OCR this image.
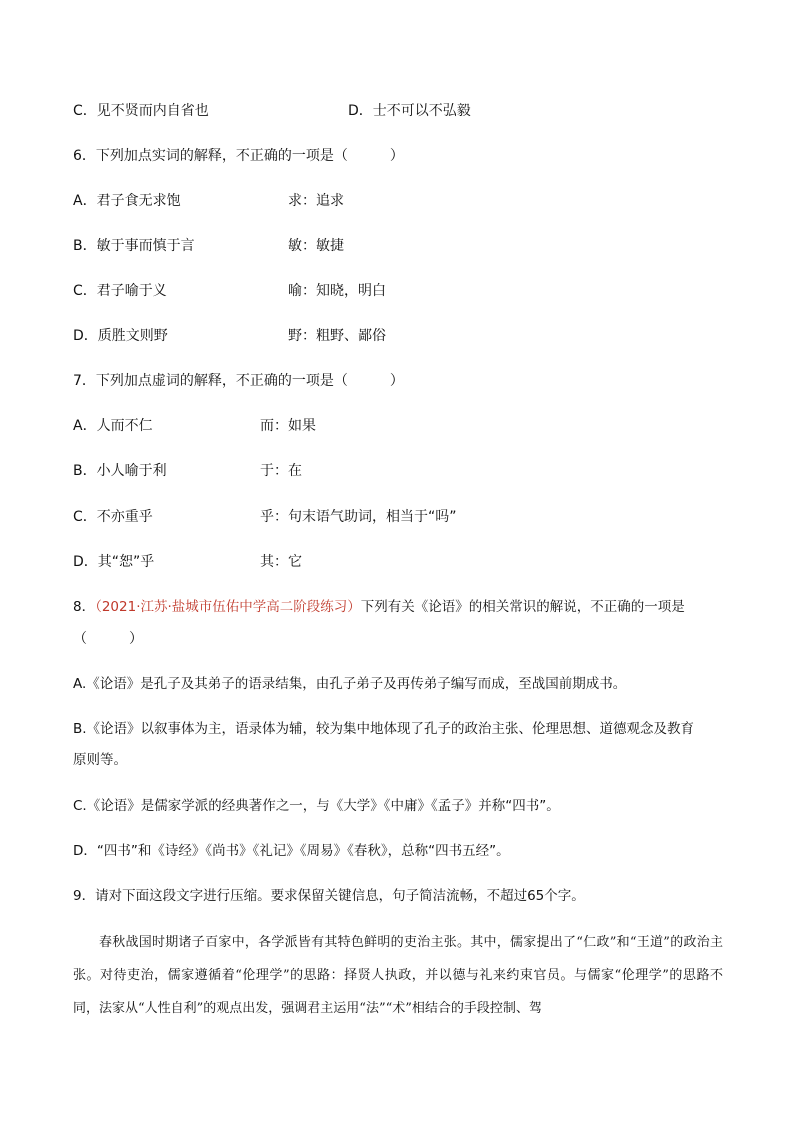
C．见不贤而内自省也	D．士不可以不弘毅
6．下列加点实词的解释，不正确的一项是（　　　）
A．君子食无求饱	求：追求
B．敏于事而慎于言	敏：敏捷
C．君子喻于义	喻：知晓，明白
D．质胜文则野	野：粗野、鄙俗
7．下列加点虚词的解释，不正确的一项是（　　　）
A．人而不仁	而：如果
B．小人喻于利	于：在
C．不亦重乎	乎：句末语气助词，相当于“吗”
D．其“恕”乎	其：它
8．（2021·江苏·盐城市伍佑中学高二阶段练习）下列有关《论语》的相关常识的解说，不正确的一项是
（　　　）
A.《论语》是孔子及其弟子的语录结集，由孔子弟子及再传弟子编写而成，至战国前期成书。
B.《论语》以叙事体为主，语录体为辅，较为集中地体现了孔子的政治主张、伦理思想、道德观念及教育
原则等。
C.《论语》是儒家学派的经典著作之一，与《大学》《中庸》《孟子》并称“四书”。
D．“四书”和《诗经》《尚书》《礼记》《周易》《春秋》，总称“四书五经”。
9．请对下面这段文字进行压缩。要求保留关键信息，句子简洁流畅，不超过65个字。
春秋战国时期诸子百家中，各学派皆有其特色鲜明的吏治主张。其中，儒家提出了“仁政”和“王道”的政治主张。对待吏治，儒家遵循着“伦理学”的思路：择贤人执政，并以德与礼来约束官员。与儒家“伦理学”的思路不同，法家从“人性自利”的观点出发，强调君主运用“法”“术”相结合的手段控制、驾
